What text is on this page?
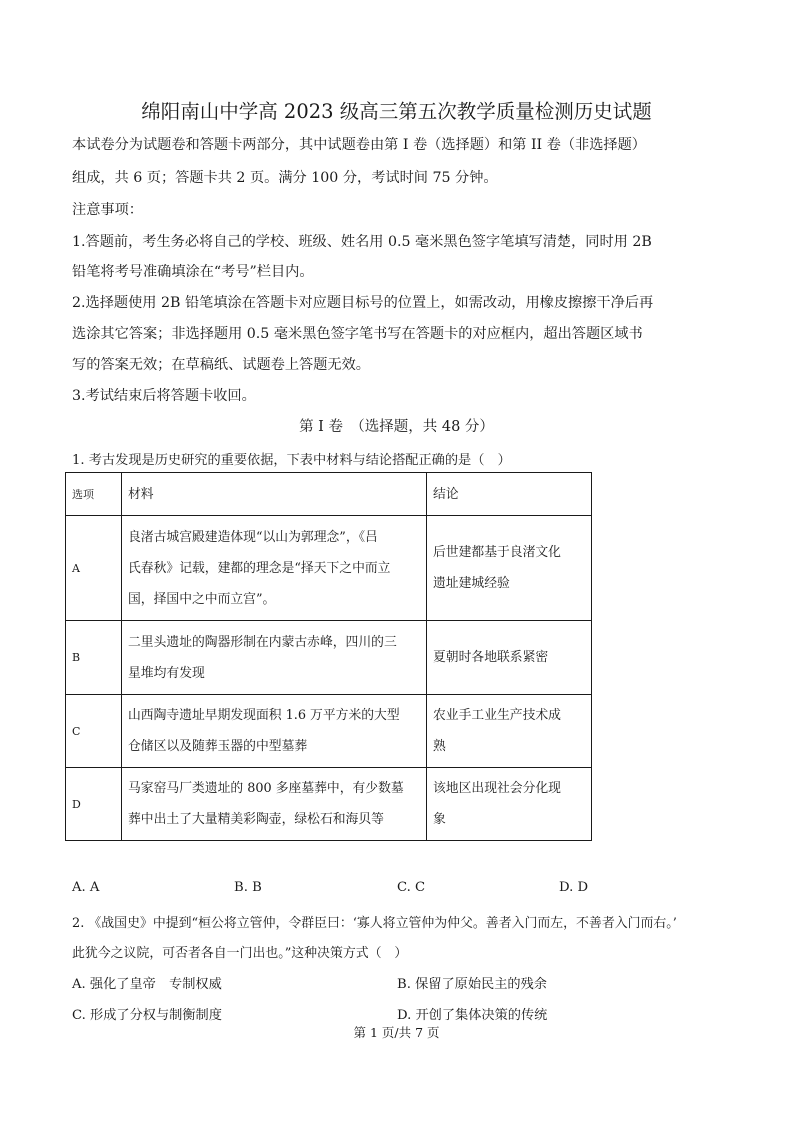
绵阳南山中学高 2023 级高三第五次教学质量检测历史试题
本试卷分为试题卷和答题卡两部分，其中试题卷由第 I 卷（选择题）和第 II 卷（非选择题）
组成，共 6 页；答题卡共 2 页。满分 100 分，考试时间 75 分钟。
注意事项：
1.答题前，考生务必将自己的学校、班级、姓名用 0.5 毫米黑色签字笔填写清楚，同时用 2B
铅笔将考号准确填涂在“考号”栏目内。
2.选择题使用 2B 铅笔填涂在答题卡对应题目标号的位置上，如需改动，用橡皮擦擦干净后再
选涂其它答案；非选择题用 0.5 毫米黑色签字笔书写在答题卡的对应框内，超出答题区域书
写的答案无效；在草稿纸、试题卷上答题无效。
3.考试结束后将答题卡收回。
第 I 卷　（选择题，共 48 分）
1. 考古发现是历史研究的重要依据，下表中材料与结论搭配正确的是（　）
选项	材料	结论
A	良渚古城宫殿建造体现“以山为郭理念”，《吕
氏春秋》记载，建都的理念是“择天下之中而立
国，择国中之中而立宫”。	后世建都基于良渚文化
遗址建城经验

B	二里头遗址的陶器形制在内蒙古赤峰，四川的三
星堆均有发现	夏朝时各地联系紧密

C	山西陶寺遗址早期发现面积 1.6 万平方米的大型
仓储区以及随葬玉器的中型墓葬	农业手工业生产技术成
熟

D	马家窑马厂类遗址的 800 多座墓葬中，有少数墓
葬中出土了大量精美彩陶壶，绿松石和海贝等	该地区出现社会分化现
象
A. A	B. B	C. C	D. D
2. 《战国史》中提到“桓公将立管仲，令群臣曰：‘寡人将立管仲为仲父。善者入门而左，不善者入门而右。’
此犹今之议院，可否者各自一门出也。”这种决策方式（　）
A. 强化了皇帝　专制权威	B. 保留了原始民主的残余
C. 形成了分权与制衡制度	D. 开创了集体决策的传统
第 1 页/共 7 页
